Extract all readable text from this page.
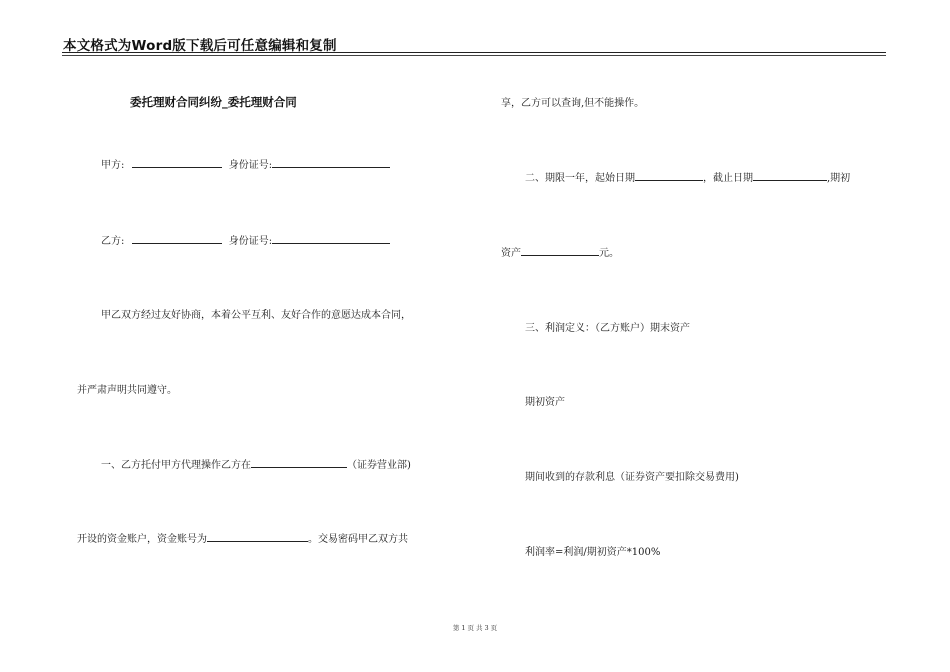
本文格式为Word版下载后可任意编辑和复制
委托理财合同纠纷_委托理财合同
甲方:	身份证号:
乙方:	身份证号:
甲乙双方经过友好协商，本着公平互利、友好合作的意愿达成本合同，
并严肃声明共同遵守。
一、乙方托付甲方代理操作乙方在	（证券营业部)
开设的资金账户，资金账号为	。交易密码甲乙双方共
享，乙方可以查询,但不能操作。
二、期限一年，起始日期	，截止日期	,期初
资产	元。
三、利润定义：（乙方账户）期末资产
期初资产
期间收到的存款利息（证券资产要扣除交易费用)
利润率=利润/期初资产*100%
第 1 页 共 3 页
